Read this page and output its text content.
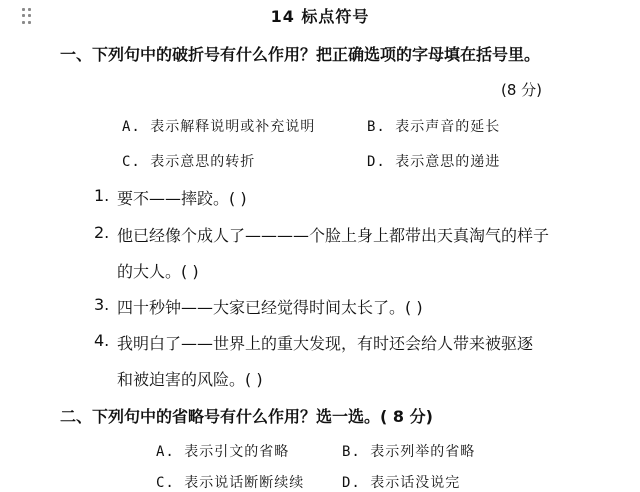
14 标点符号
一、下列句中的破折号有什么作用？把正确选项的字母填在括号里。
(8 分)
A. 表示解释说明或补充说明	B. 表示声音的延长
C. 表示意思的转折	D. 表示意思的递进
1. 要不——摔跤。( )
2. 他已经像个成人了————个脸上身上都带出天真淘气的样子
的大人。( )
3. 四十秒钟——大家已经觉得时间太长了。( )
4. 我明白了——世界上的重大发现，有时还会给人带来被驱逐
和被迫害的风险。( )
二、下列句中的省略号有什么作用？选一选。( 8 分)
A. 表示引文的省略	B. 表示列举的省略
C. 表示说话断断续续	D. 表示话没说完
